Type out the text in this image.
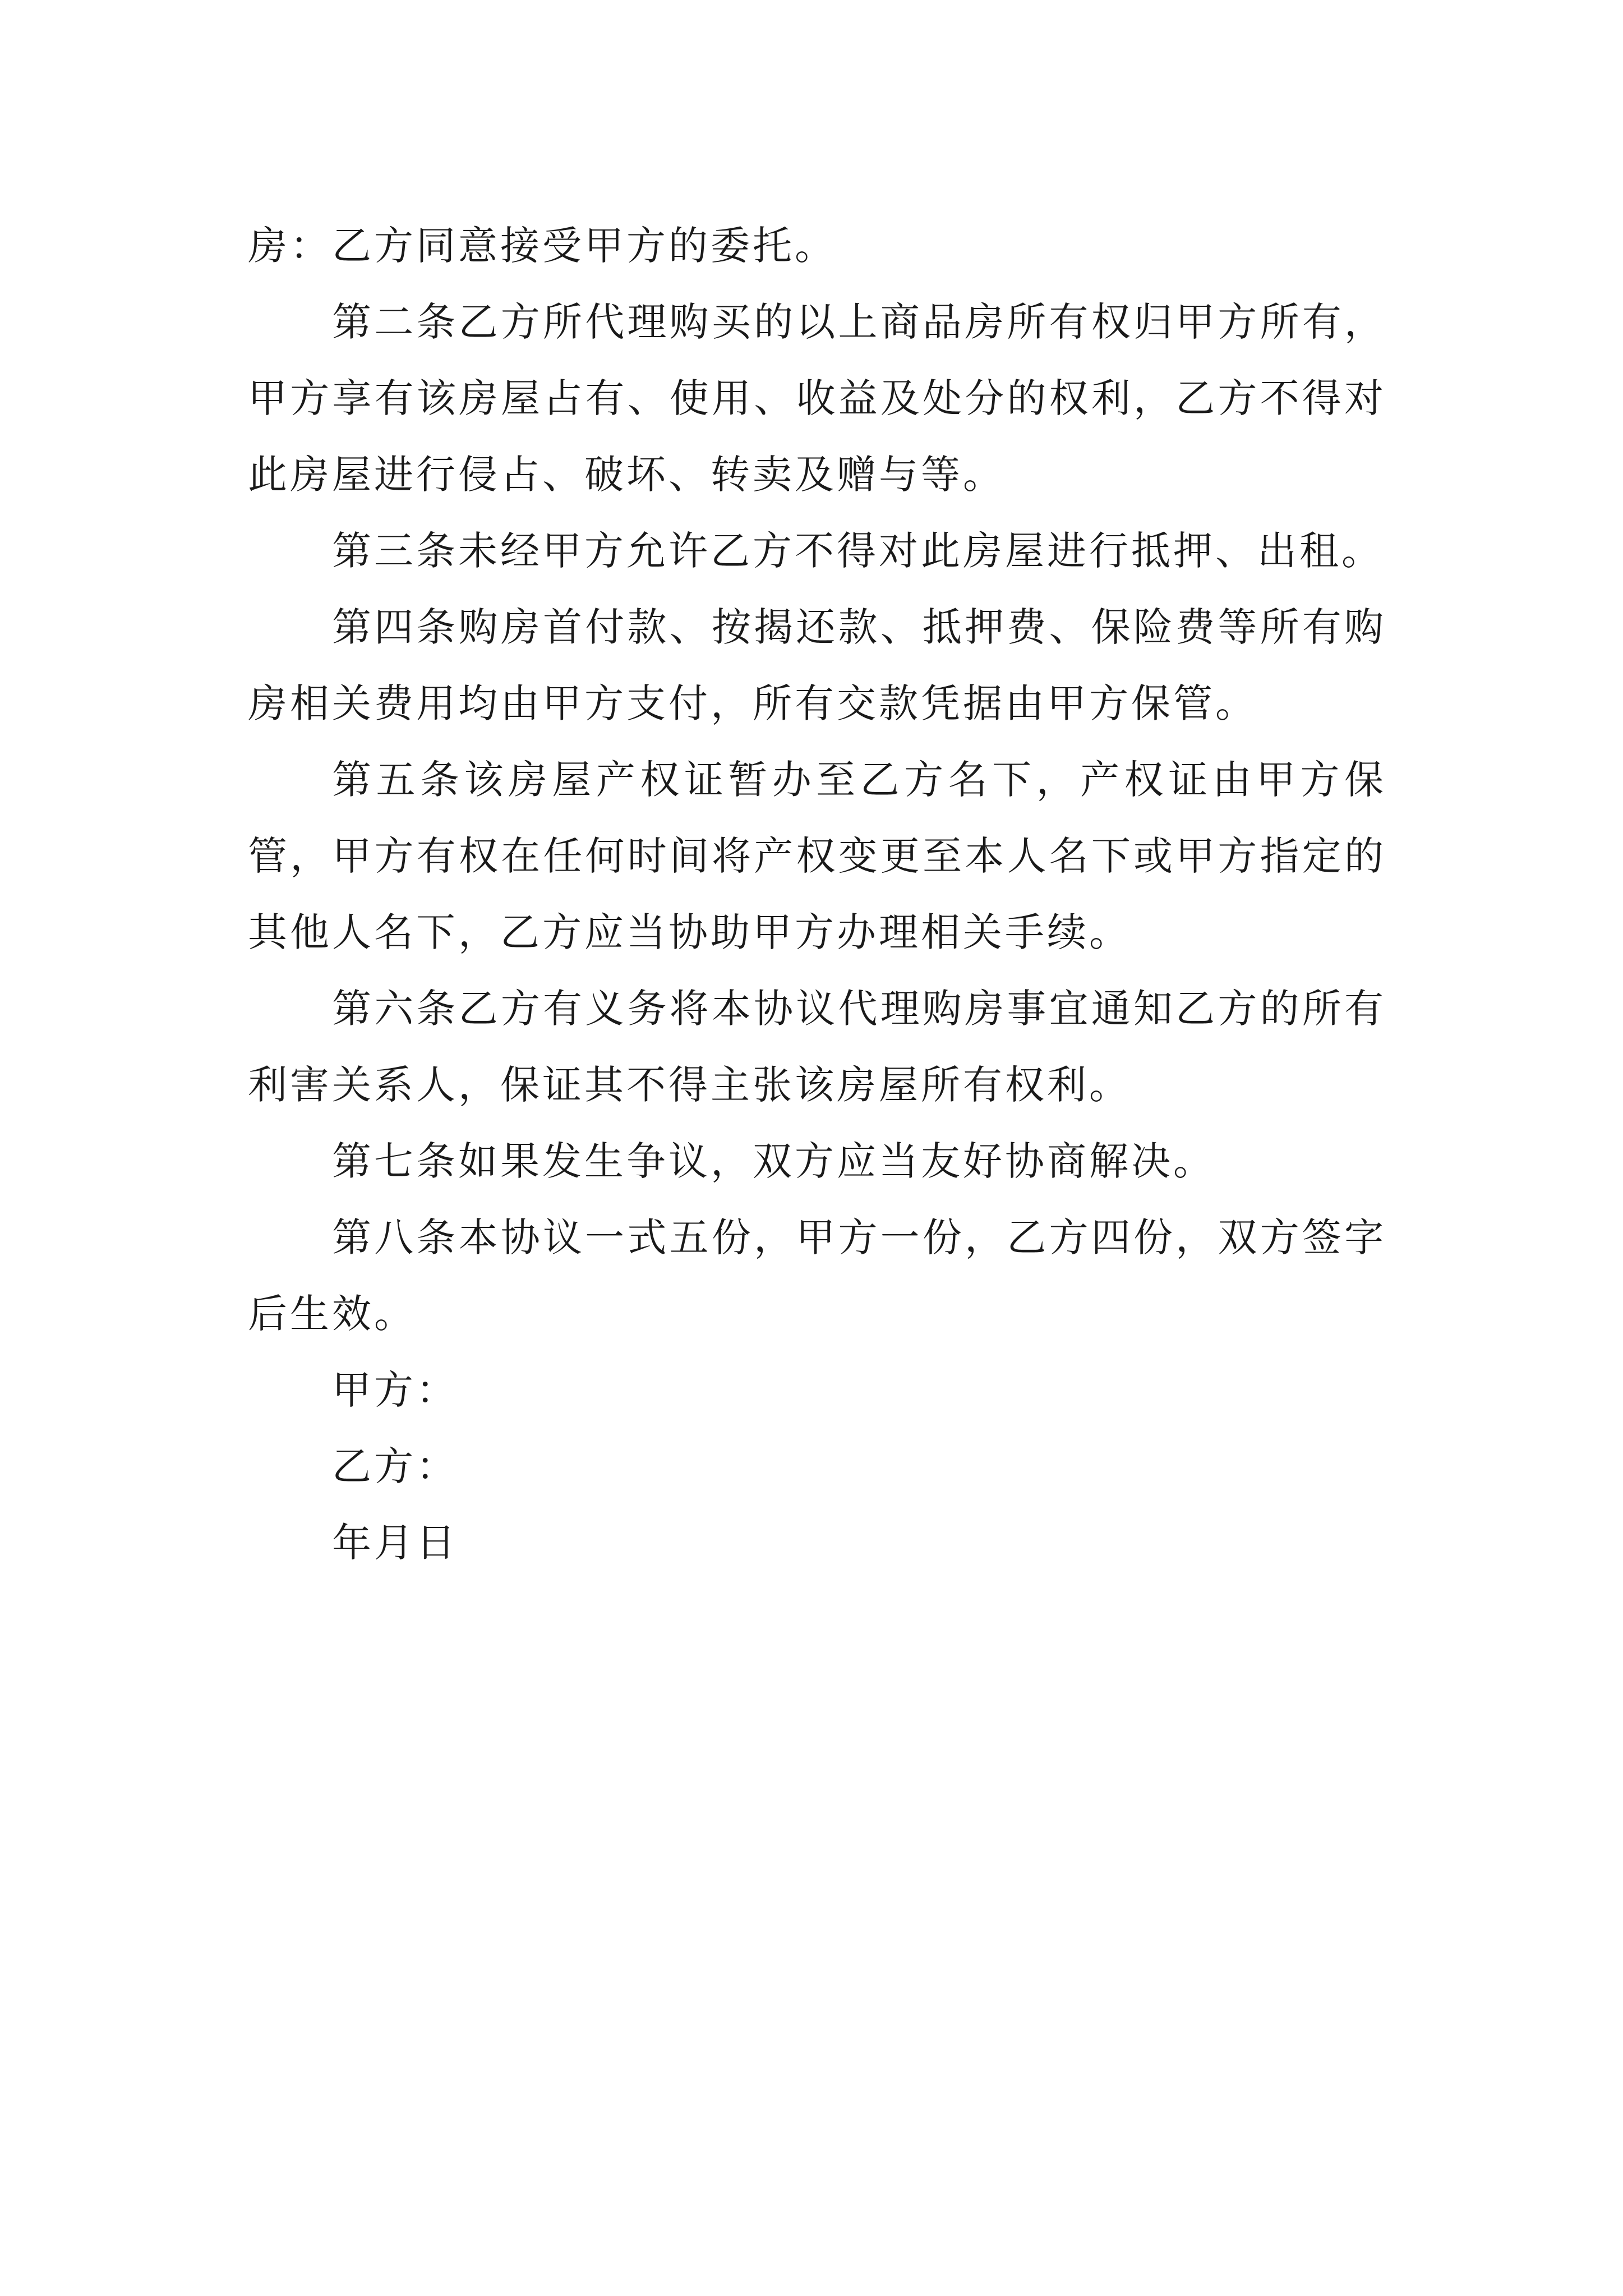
房：乙方同意接受甲方的委托。

第二条乙方所代理购买的以上商品房所有权归甲方所有，甲方享有该房屋占有、使用、收益及处分的权利，乙方不得对此房屋进行侵占、破坏、转卖及赠与等。

第三条未经甲方允许乙方不得对此房屋进行抵押、出租。

第四条购房首付款、按揭还款、抵押费、保险费等所有购房相关费用均由甲方支付，所有交款凭据由甲方保管。

第五条该房屋产权证暂办至乙方名下，产权证由甲方保管，甲方有权在任何时间将产权变更至本人名下或甲方指定的其他人名下，乙方应当协助甲方办理相关手续。

第六条乙方有义务将本协议代理购房事宜通知乙方的所有利害关系人，保证其不得主张该房屋所有权利。

第七条如果发生争议，双方应当友好协商解决。

第八条本协议一式五份，甲方一份，乙方四份，双方签字后生效。

甲方：

乙方：

年月日
